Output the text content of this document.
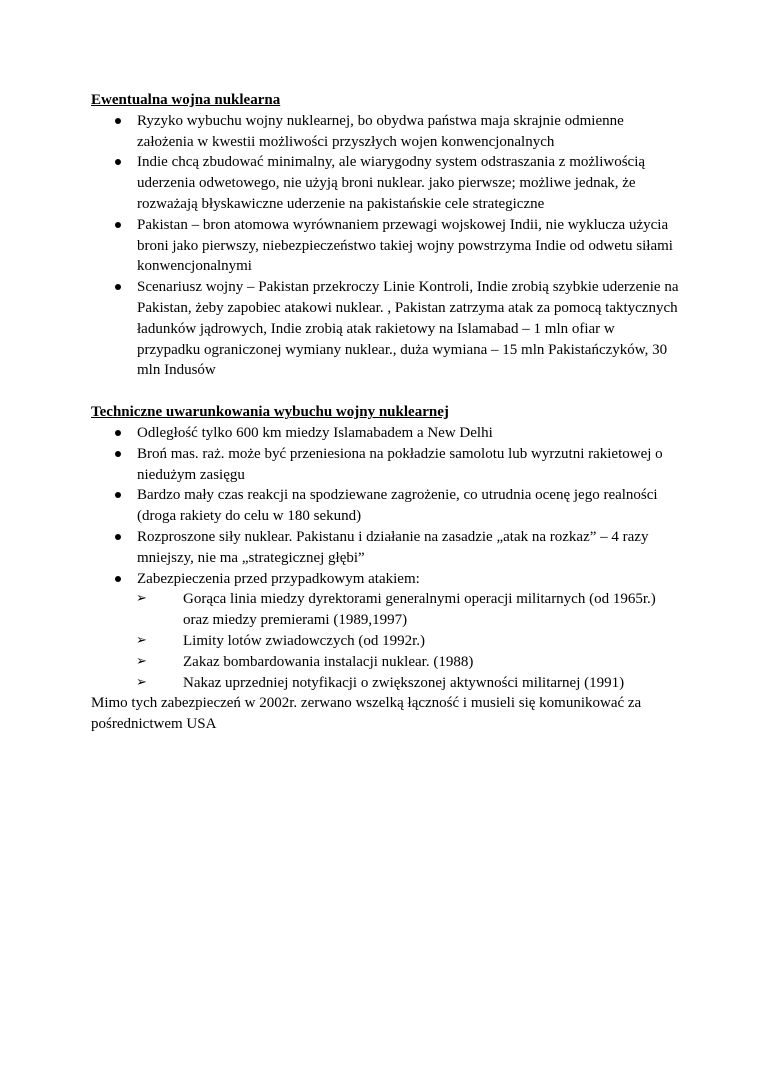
Ewentualna wojna nuklearna
Ryzyko wybuchu wojny nuklearnej, bo obydwa państwa maja skrajnie odmienne założenia w kwestii możliwości przyszłych wojen konwencjonalnych
Indie chcą zbudować minimalny, ale wiarygodny system odstraszania z możliwością uderzenia odwetowego, nie użyją broni nuklear. jako pierwsze; możliwe jednak, że rozważają błyskawiczne uderzenie na pakistańskie cele strategiczne
Pakistan – bron atomowa wyrównaniem przewagi wojskowej Indii, nie wyklucza użycia broni jako pierwszy, niebezpieczeństwo takiej wojny powstrzyma Indie od odwetu siłami konwencjonalnymi
Scenariusz wojny – Pakistan przekroczy Linie Kontroli, Indie zrobią szybkie uderzenie na Pakistan, żeby zapobiec atakowi nuklear. , Pakistan zatrzyma atak za pomocą taktycznych ładunków jądrowych, Indie zrobią atak rakietowy na Islamabad – 1 mln ofiar w przypadku ograniczonej wymiany nuklear., duża wymiana – 15 mln Pakistańczyków, 30 mln Indusów
Techniczne uwarunkowania wybuchu wojny nuklearnej
Odległość tylko 600 km miedzy Islamabadem a New Delhi
Broń mas. raż. może być przeniesiona na pokładzie samolotu lub wyrzutni rakietowej o niedużym zasięgu
Bardzo mały czas reakcji na spodziewane zagrożenie, co utrudnia ocenę jego realności (droga rakiety do celu w 180 sekund)
Rozproszone siły nuklear. Pakistanu i działanie na zasadzie „atak na rozkaz” – 4 razy mniejszy, nie ma „strategicznej głębi”
Zabezpieczenia przed przypadkowym atakiem:
➢ Gorąca linia miedzy dyrektorami generalnymi operacji militarnych (od 1965r.) oraz miedzy premierami (1989,1997)
➢ Limity lotów zwiadowczych (od 1992r.)
➢ Zakaz bombardowania instalacji nuklear. (1988)
➢ Nakaz uprzedniej notyfikacji o zwiększonej aktywności militarnej (1991)

Mimo tych zabezpieczeń w 2002r. zerwano wszelką łączność i musieli się komunikować za pośrednictwem USA
